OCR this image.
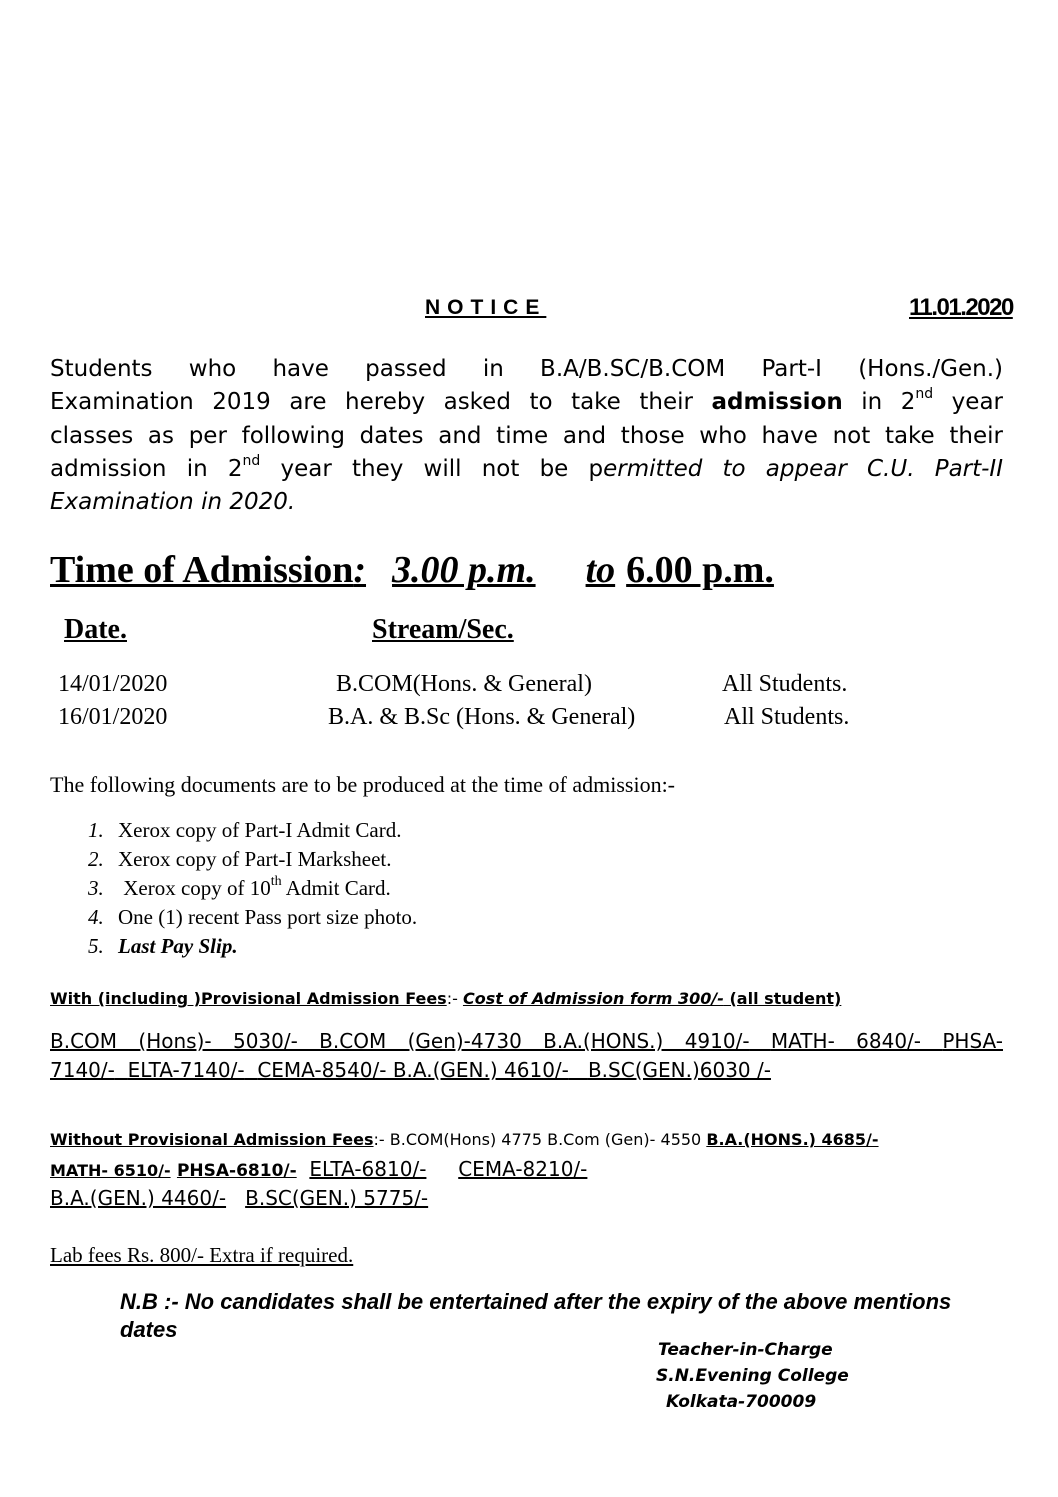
NOTICE	11.01.2020
Students who have passed in B.A/B.SC/B.COM Part-I (Hons./Gen.)
Examination 2019 are hereby asked to take their admission in 2nd year
classes as per following dates and time and those who have not take their
admission in 2nd year they will not be permitted to appear C.U. Part-II
Examination in 2020.
Time of Admission: 3.00 p.m. to 6.00 p.m.
Date.	Stream/Sec.
14/01/2020	B.COM(Hons. & General)	All Students.
16/01/2020	B.A. & B.Sc (Hons. & General)	All Students.
The following documents are to be produced at the time of admission:-
1. Xerox copy of Part-I Admit Card.
2. Xerox copy of Part-I Marksheet.
3. Xerox copy of 10th Admit Card.
4. One (1) recent Pass port size photo.
5. Last Pay Slip.
With (including )Provisional Admission Fees:- Cost of Admission form 300/- (all student)
B.COM (Hons)- 5030/- B.COM (Gen)-4730 B.A.(HONS.) 4910/- MATH- 6840/- PHSA-
7140/- ELTA-7140/- CEMA-8540/- B.A.(GEN.) 4610/- B.SC(GEN.)6030 /-
Without Provisional Admission Fees:- B.COM(Hons) 4775 B.Com (Gen)- 4550 B.A.(HONS.) 4685/-
MATH- 6510/- PHSA-6810/- ELTA-6810/- CEMA-8210/-
B.A.(GEN.) 4460/- B.SC(GEN.) 5775/-
Lab fees Rs. 800/- Extra if required.
N.B :- No candidates shall be entertained after the expiry of the above mentions dates
Teacher-in-Charge
S.N.Evening College
Kolkata-700009
